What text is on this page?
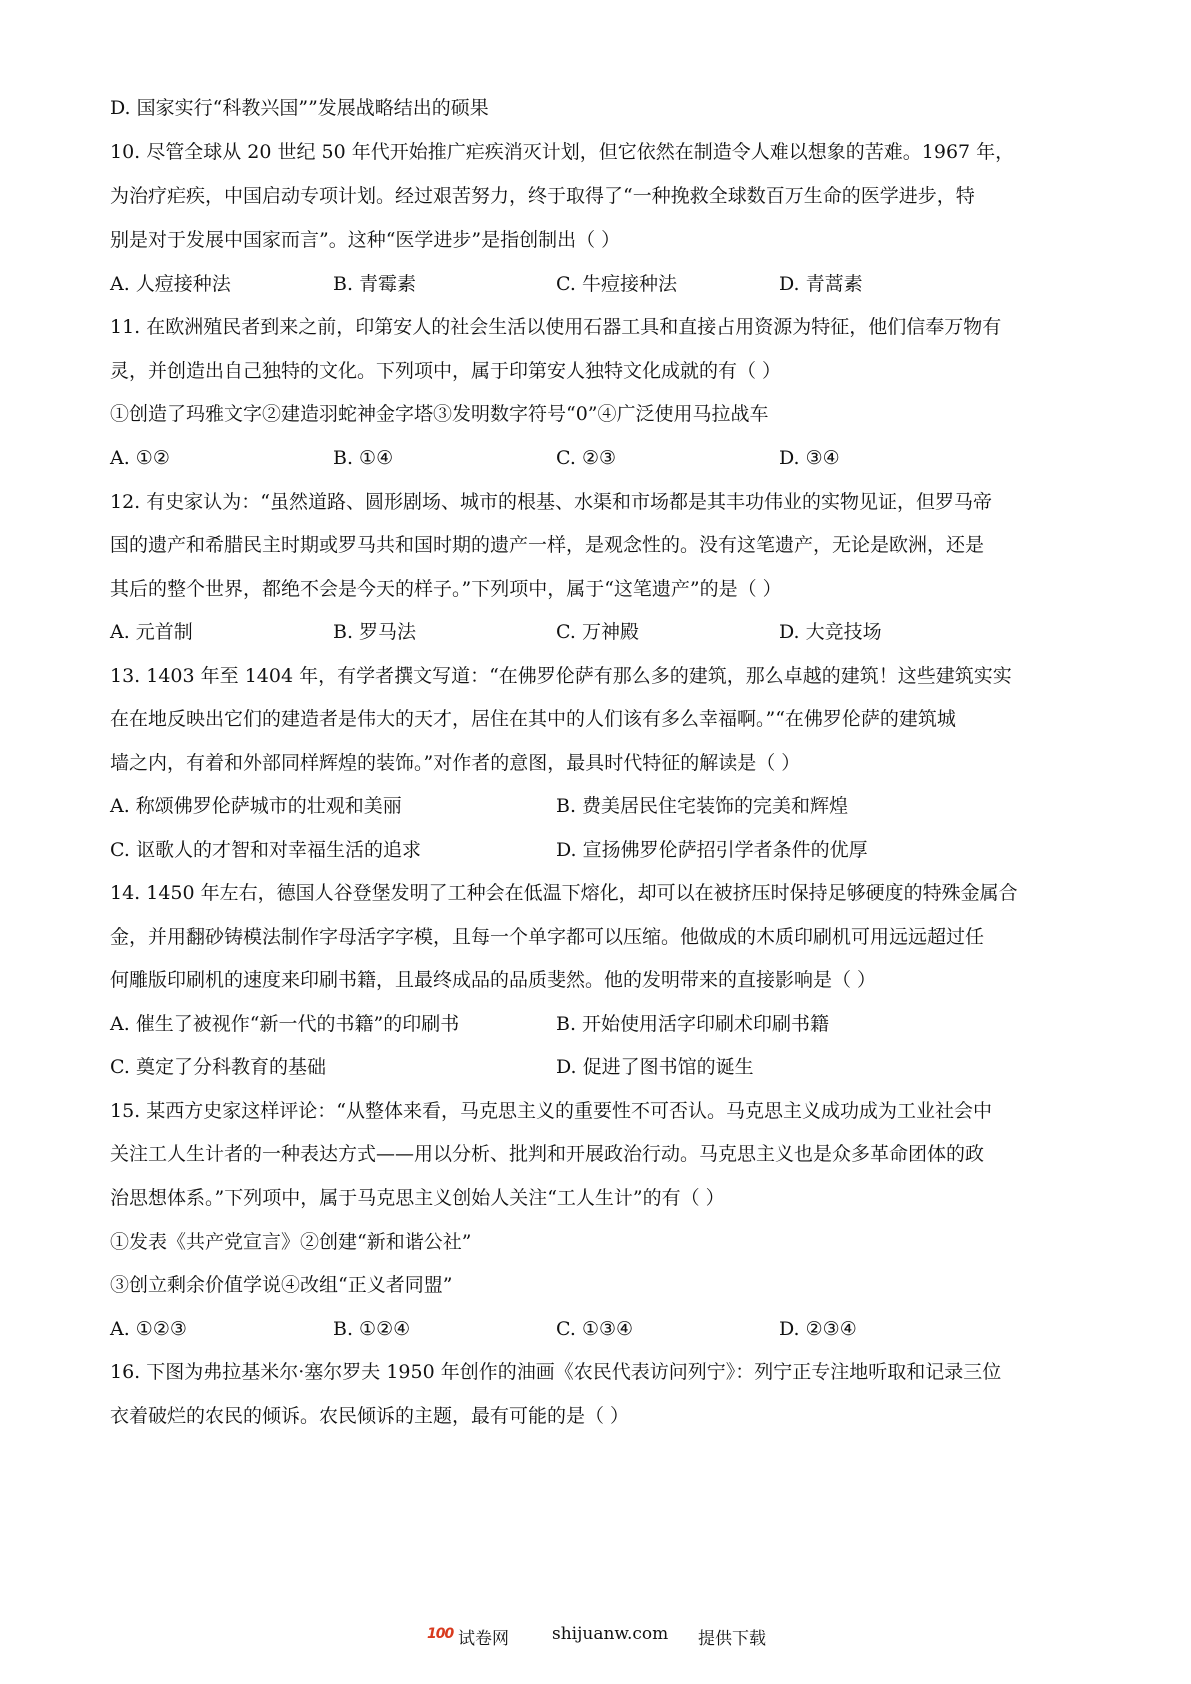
D. 国家实行“科教兴国””发展战略结出的硕果
10. 尽管全球从 20 世纪 50 年代开始推广疟疾消灭计划，但它依然在制造令人难以想象的苦难。1967 年，
为治疗疟疾，中国启动专项计划。经过艰苦努力，终于取得了“一种挽救全球数百万生命的医学进步，特
别是对于发展中国家而言”。这种“医学进步”是指创制出（ ）
A. 人痘接种法	B. 青霉素	C. 牛痘接种法	D. 青蒿素
11. 在欧洲殖民者到来之前，印第安人的社会生活以使用石器工具和直接占用资源为特征，他们信奉万物有
灵，并创造出自己独特的文化。下列项中，属于印第安人独特文化成就的有（ ）
①创造了玛雅文字②建造羽蛇神金字塔③发明数字符号“0”④广泛使用马拉战车
A. ①②	B. ①④	C. ②③	D. ③④
12. 有史家认为：“虽然道路、圆形剧场、城市的根基、水渠和市场都是其丰功伟业的实物见证，但罗马帝
国的遗产和希腊民主时期或罗马共和国时期的遗产一样，是观念性的。没有这笔遗产，无论是欧洲，还是
其后的整个世界，都绝不会是今天的样子。”下列项中，属于“这笔遗产”的是（ ）
A. 元首制	B. 罗马法	C. 万神殿	D. 大竞技场
13. 1403 年至 1404 年，有学者撰文写道：“在佛罗伦萨有那么多的建筑，那么卓越的建筑！这些建筑实实
在在地反映出它们的建造者是伟大的天才，居住在其中的人们该有多么幸福啊。”“在佛罗伦萨的建筑城
墙之内，有着和外部同样辉煌的装饰。”对作者的意图，最具时代特征的解读是（ ）
A. 称颂佛罗伦萨城市的壮观和美丽	B. 费美居民住宅装饰的完美和辉煌
C. 讴歌人的才智和对幸福生活的追求	D. 宣扬佛罗伦萨招引学者条件的优厚
14. 1450 年左右，德国人谷登堡发明了工种会在低温下熔化，却可以在被挤压时保持足够硬度的特殊金属合
金，并用翻砂铸模法制作字母活字字模，且每一个单字都可以压缩。他做成的木质印刷机可用远远超过任
何雕版印刷机的速度来印刷书籍，且最终成品的品质斐然。他的发明带来的直接影响是（ ）
A. 催生了被视作“新一代的书籍”的印刷书	B. 开始使用活字印刷术印刷书籍
C. 奠定了分科教育的基础	D. 促进了图书馆的诞生
15. 某西方史家这样评论：“从整体来看，马克思主义的重要性不可否认。马克思主义成功成为工业社会中
关注工人生计者的一种表达方式——用以分析、批判和开展政治行动。马克思主义也是众多革命团体的政
治思想体系。”下列项中，属于马克思主义创始人关注“工人生计”的有（ ）
①发表《共产党宣言》②创建“新和谐公社”
③创立剩余价值学说④改组“正义者同盟”
A. ①②③	B. ①②④	C. ①③④	D. ②③④
16. 下图为弗拉基米尔·塞尔罗夫 1950 年创作的油画《农民代表访问列宁》：列宁正专注地听取和记录三位
衣着破烂的农民的倾诉。农民倾诉的主题，最有可能的是（ ）
100 试卷网	shijuanw.com 提供下载
